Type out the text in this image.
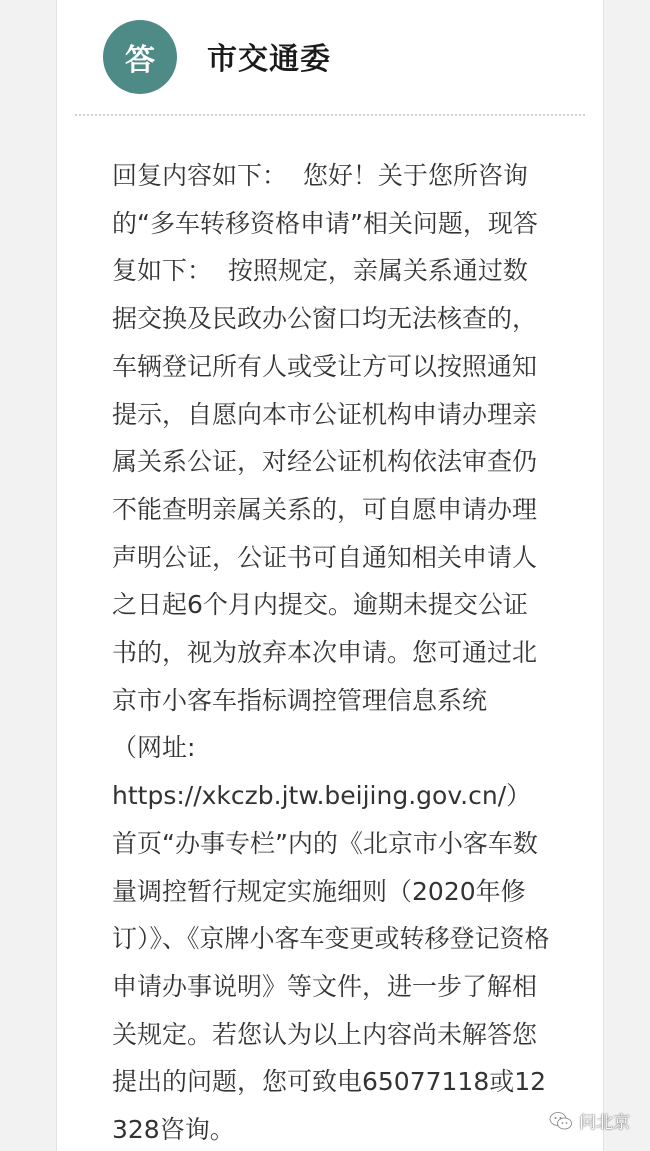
答	市交通委

回复内容如下：  您好！关于您所咨询的“多车转移资格申请”相关问题，现答复如下：  按照规定，亲属关系通过数据交换及民政办公窗口均无法核查的，车辆登记所有人或受让方可以按照通知提示，自愿向本市公证机构申请办理亲属关系公证，对经公证机构依法审查仍不能查明亲属关系的，可自愿申请办理声明公证，公证书可自通知相关申请人之日起6个月内提交。逾期未提交公证书的，视为放弃本次申请。您可通过北京市小客车指标调控管理信息系统
（网址:
https://xkczb.jtw.beijing.gov.cn/）首页“办事专栏”内的《北京市小客车数量调控暂行规定实施细则（2020年修订）》、《京牌小客车变更或转移登记资格申请办事说明》等文件，进一步了解相关规定。若您认为以上内容尚未解答您提出的问题，您可致电65077118或12328咨询。	问北京
